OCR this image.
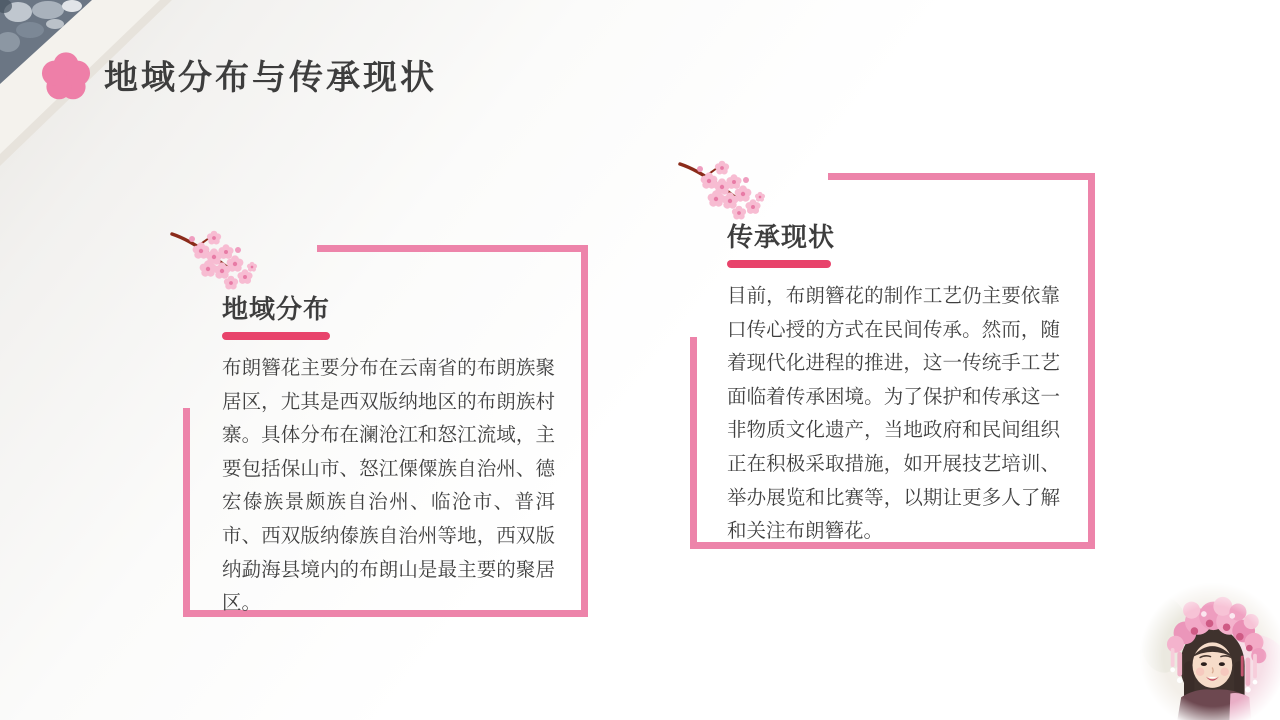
地域分布与传承现状
地域分布
布朗簪花主要分布在云南省的布朗族聚居区，尤其是西双版纳地区的布朗族村寨。具体分布在澜沧江和怒江流域，主要包括保山市、怒江傈僳族自治州、德宏傣族景颇族自治州、临沧市、普洱市、西双版纳傣族自治州等地，西双版纳勐海县境内的布朗山是最主要的聚居区。
传承现状
目前，布朗簪花的制作工艺仍主要依靠口传心授的方式在民间传承。然而，随着现代化进程的推进，这一传统手工艺面临着传承困境。为了保护和传承这一非物质文化遗产，当地政府和民间组织正在积极采取措施，如开展技艺培训、举办展览和比赛等，以期让更多人了解和关注布朗簪花。
